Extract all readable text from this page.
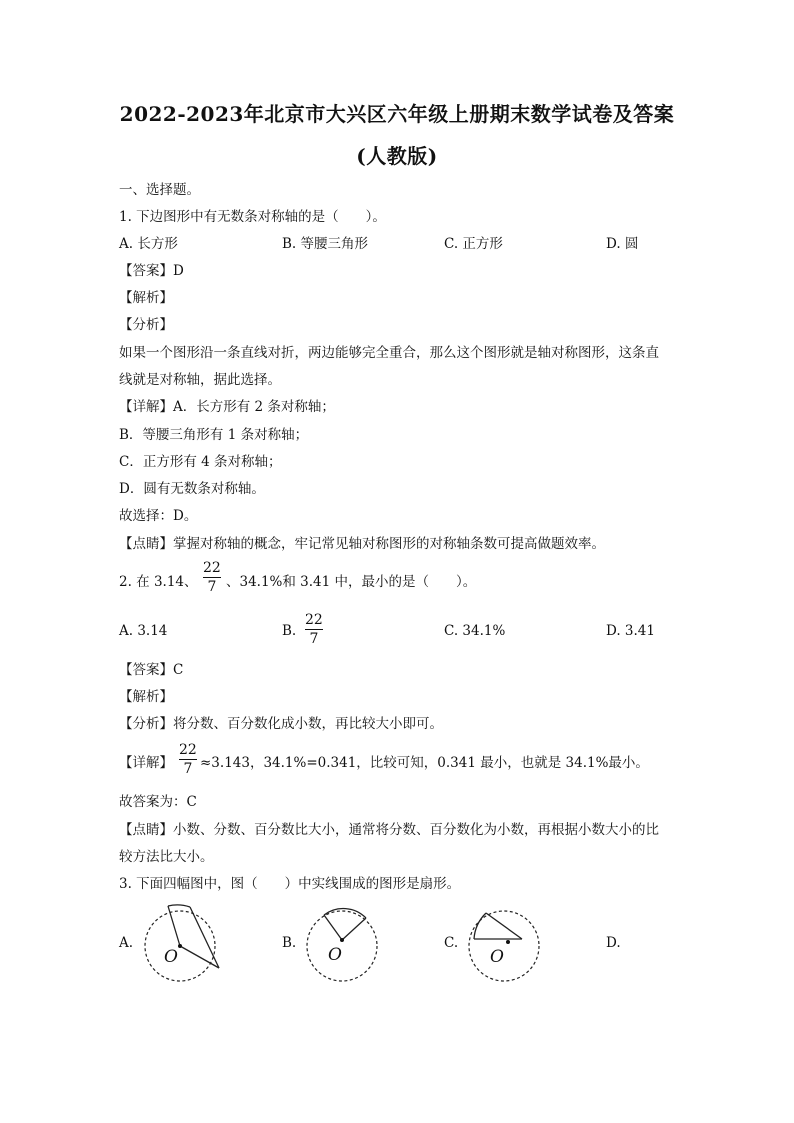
2022-2023年北京市大兴区六年级上册期末数学试卷及答案
(人教版)
一、选择题。
1. 下边图形中有无数条对称轴的是（　　）。
A. 长方形	B. 等腰三角形	C. 正方形	D. 圆
【答案】D
【解析】
【分析】
如果一个图形沿一条直线对折，两边能够完全重合，那么这个图形就是轴对称图形，这条直
线就是对称轴，据此选择。
【详解】A．长方形有 2 条对称轴；
B．等腰三角形有 1 条对称轴；
C．正方形有 4 条对称轴；
D．圆有无数条对称轴。
故选择：D。
【点睛】掌握对称轴的概念，牢记常见轴对称图形的对称轴条数可提高做题效率。
2. 在 3.14、
22
7 、34.1%和 3.41 中，最小的是（　　）。
A. 3.14	B.
22
7	C. 34.1%	D. 3.41
【答案】C
【解析】
【分析】将分数、百分数化成小数，再比较大小即可。
【详解】
22
7 ≈3.143，34.1%=0.341，比较可知，0.341 最小，也就是 34.1%最小。
故答案为：C
【点睛】小数、分数、百分数比大小，通常将分数、百分数化为小数，再根据小数大小的比
较方法比大小。
3. 下面四幅图中，图（　　）中实线围成的图形是扇形。
A.
O
B.
O
C.
O
D.
